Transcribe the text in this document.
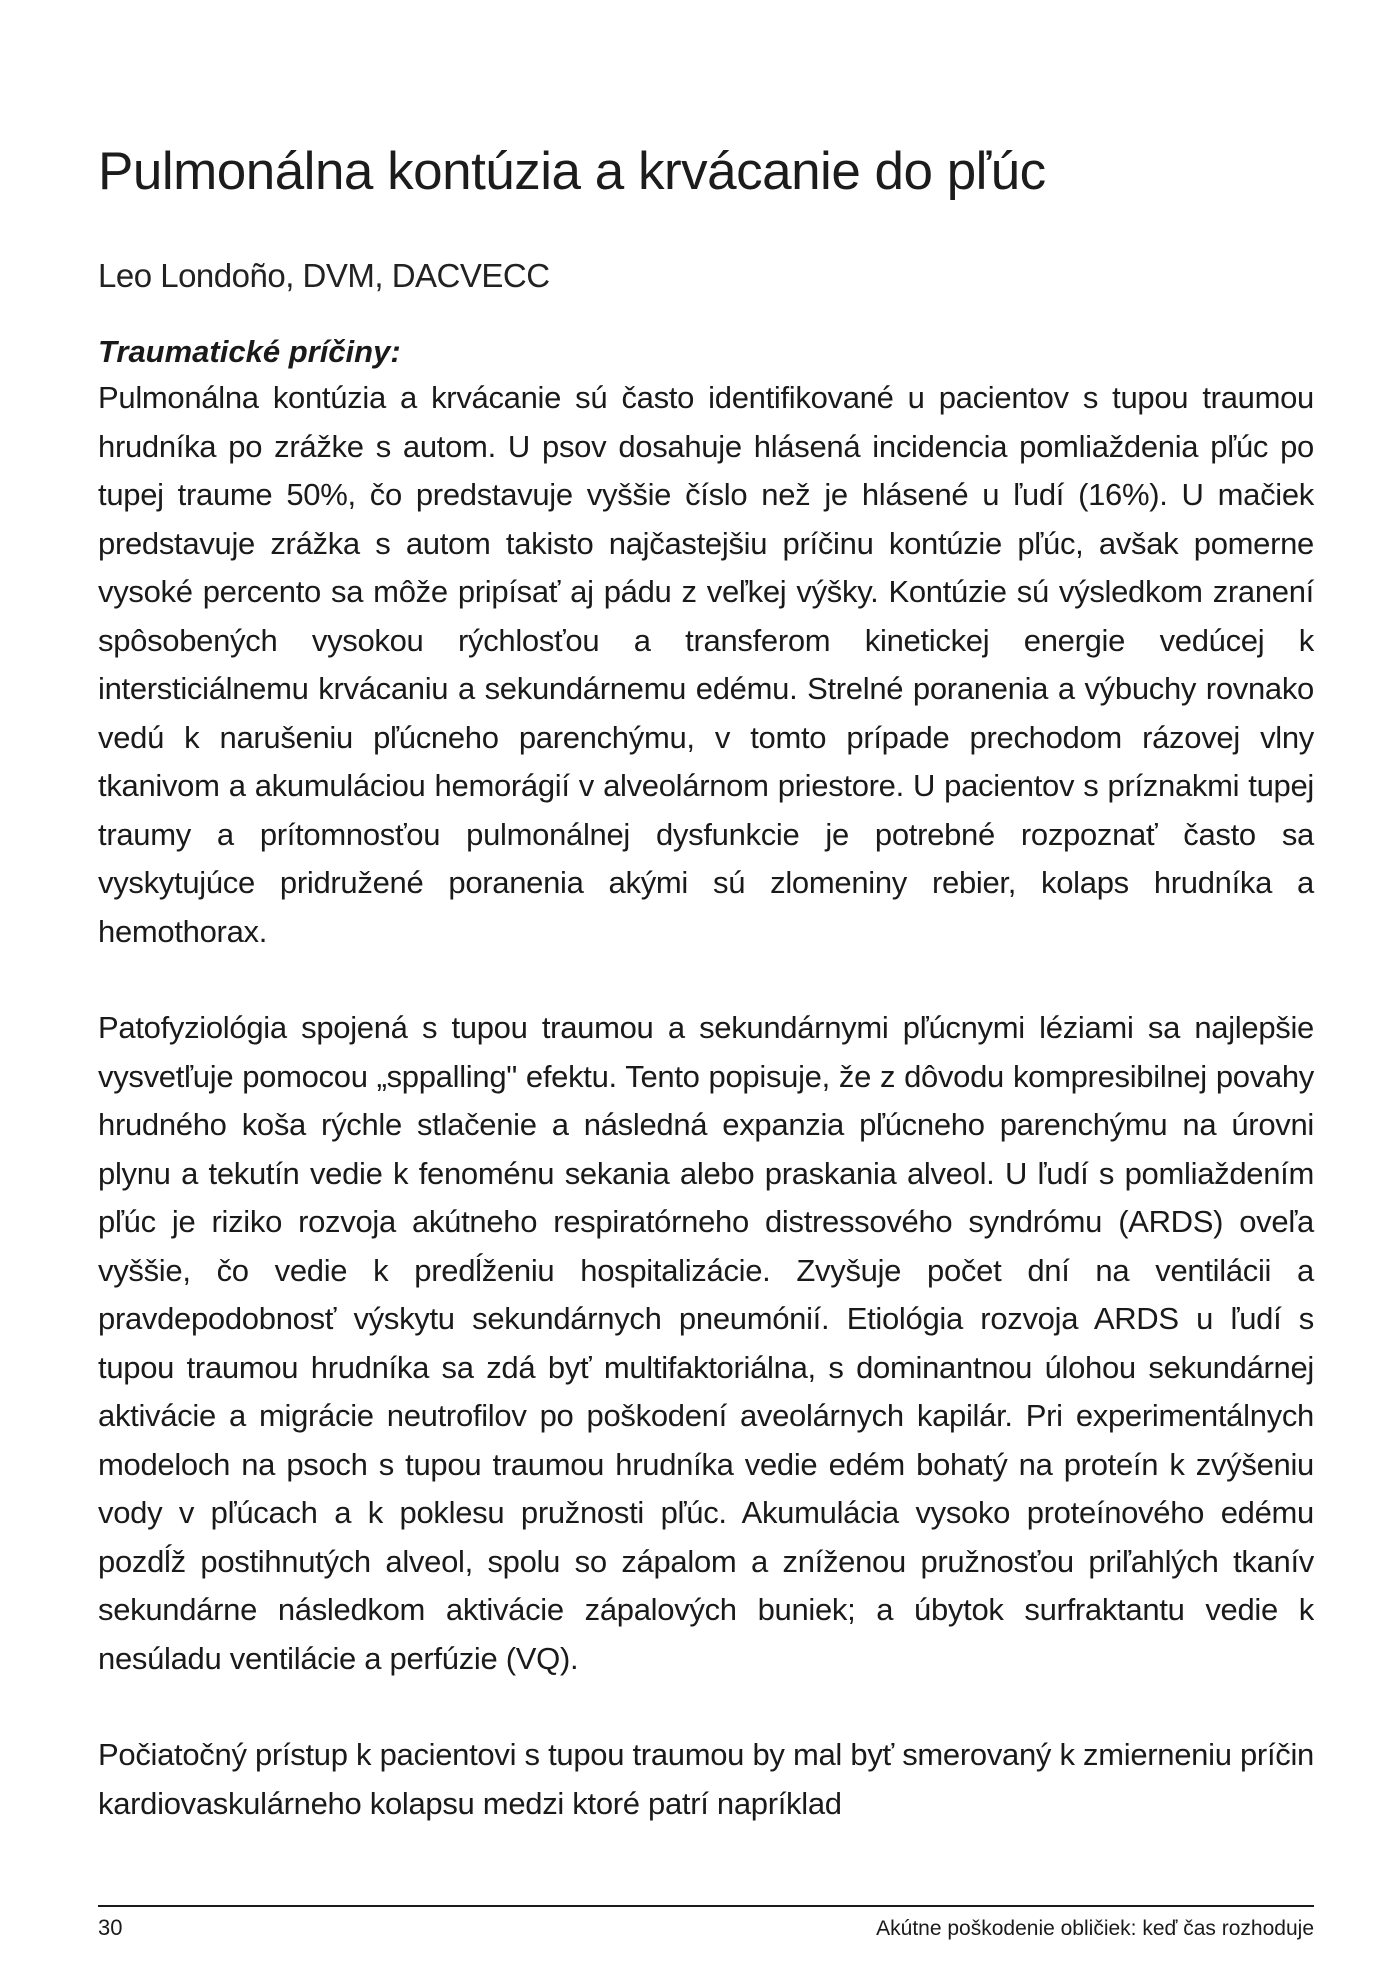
Pulmonálna kontúzia a krvácanie do pľúc

Leo Londoño, DVM, DACVECC

Traumatické príčiny:

Pulmonálna kontúzia a krvácanie sú často identifikované u pacientov s tupou traumou hrudníka po zrážke s autom. U psov dosahuje hlásená incidencia pomliaždenia pľúc po tupej traume 50%, čo predstavuje vyššie číslo než je hlásené u ľudí (16%). U mačiek predstavuje zrážka s autom takisto najčastejšiu príčinu kontúzie pľúc, avšak pomerne vysoké percento sa môže pripísať aj pádu z veľkej výšky. Kontúzie sú výsledkom zranení spôsobených vysokou rýchlosťou a transferom kinetickej energie vedúcej k intersticiálnemu krvácaniu a sekundárnemu edému. Strelné poranenia a výbuchy rovnako vedú k narušeniu pľúcneho parenchýmu, v tomto prípade prechodom rázovej vlny tkanivom a akumuláciou hemorágií v alveolárnom priestore. U pacientov s príznakmi tupej traumy a prítomnosťou pulmonálnej dysfunkcie je potrebné rozpoznať často sa vyskytujúce pridružené poranenia akými sú zlomeniny rebier, kolaps hrudníka a hemothorax.

Patofyziológia spojená s tupou traumou a sekundárnymi pľúcnymi léziami sa najlepšie vysvetľuje pomocou „sppalling" efektu. Tento popisuje, že z dôvodu kompresibilnej povahy hrudného koša rýchle stlačenie a následná expanzia pľúcneho parenchýmu na úrovni plynu a tekutín vedie k fenoménu sekania alebo praskania alveol. U ľudí s pomliaždením pľúc je riziko rozvoja akútneho respiratórneho distressového syndrómu (ARDS) oveľa vyššie, čo vedie k predĺženiu hospitalizácie. Zvyšuje počet dní na ventilácii a pravdepodobnosť výskytu sekundárnych pneumónií. Etiológia rozvoja ARDS u ľudí s tupou traumou hrudníka sa zdá byť multifaktoriálna, s dominantnou úlohou sekundárnej aktivácie a migrácie neutrofilov po poškodení aveolárnych kapilár. Pri experimentálnych modeloch na psoch s tupou traumou hrudníka vedie edém bohatý na proteín k zvýšeniu vody v pľúcach a k poklesu pružnosti pľúc. Akumulácia vysoko proteínového edému pozdĺž postihnutých alveol, spolu so zápalom a zníženou pružnosťou priľahlých tkanív sekundárne následkom aktivácie zápalových buniek; a úbytok surfraktantu vedie k nesúladu ventilácie a perfúzie (VQ).

Počiatočný prístup k pacientovi s tupou traumou by mal byť smerovaný k zmierneniu príčin kardiovaskulárneho kolapsu medzi ktoré patrí napríklad

30	Akútne poškodenie obličiek: keď čas rozhoduje
